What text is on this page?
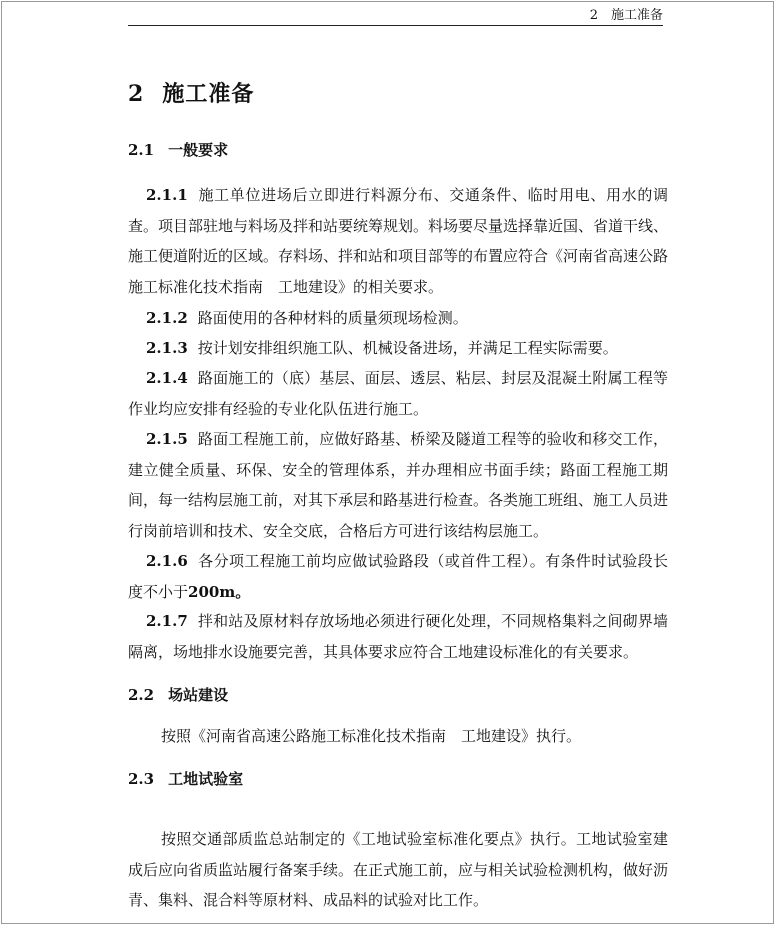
2　施工准备
2 施工准备
2.1 一般要求
2.1.1 施工单位进场后立即进行料源分布、交通条件、临时用电、用水的调查。项目部驻地与料场及拌和站要统筹规划。料场要尽量选择靠近国、省道干线、施工便道附近的区域。存料场、拌和站和项目部等的布置应符合《河南省高速公路施工标准化技术指南　工地建设》的相关要求。
2.1.2 路面使用的各种材料的质量须现场检测。
2.1.3 按计划安排组织施工队、机械设备进场，并满足工程实际需要。
2.1.4 路面施工的（底）基层、面层、透层、粘层、封层及混凝土附属工程等作业均应安排有经验的专业化队伍进行施工。
2.1.5 路面工程施工前，应做好路基、桥梁及隧道工程等的验收和移交工作，建立健全质量、环保、安全的管理体系，并办理相应书面手续；路面工程施工期间，每一结构层施工前，对其下承层和路基进行检查。各类施工班组、施工人员进行岗前培训和技术、安全交底，合格后方可进行该结构层施工。
2.1.6 各分项工程施工前均应做试验路段（或首件工程）。有条件时试验段长度不小于200m。
2.1.7 拌和站及原材料存放场地必须进行硬化处理，不同规格集料之间砌界墙隔离，场地排水设施要完善，其具体要求应符合工地建设标准化的有关要求。
2.2 场站建设
按照《河南省高速公路施工标准化技术指南　工地建设》执行。
2.3 工地试验室
按照交通部质监总站制定的《工地试验室标准化要点》执行。工地试验室建成后应向省质监站履行备案手续。在正式施工前，应与相关试验检测机构，做好沥青、集料、混合料等原材料、成品料的试验对比工作。
